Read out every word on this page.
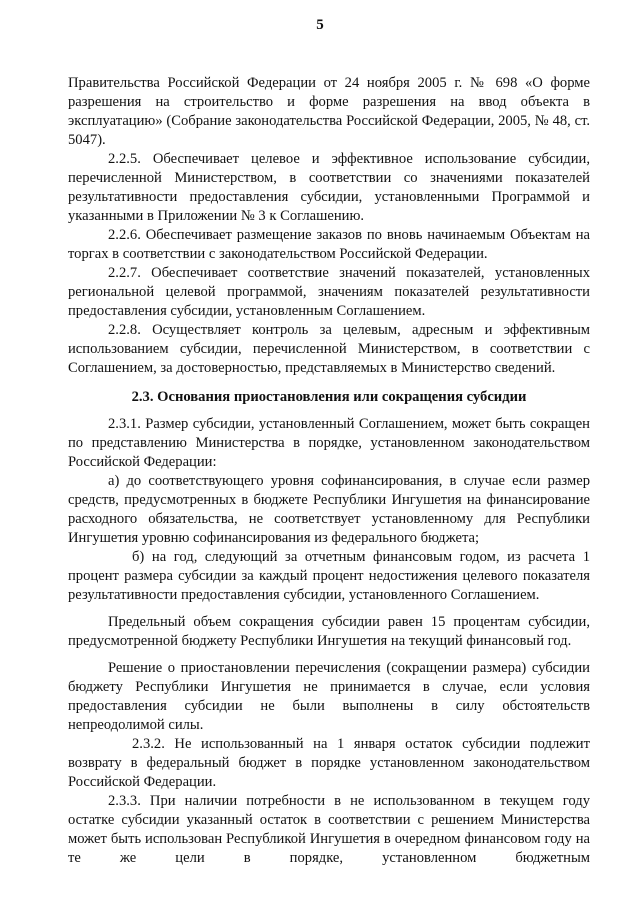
5

Правительства Российской Федерации от 24 ноября 2005 г. № 698 «О форме разрешения на строительство и форме разрешения на ввод объекта в эксплуатацию» (Собрание законодательства Российской Федерации, 2005, № 48, ст. 5047).

2.2.5. Обеспечивает целевое и эффективное использование субсидии, перечисленной Министерством, в соответствии со значениями показателей результативности предоставления субсидии, установленными Программой и указанными в Приложении № 3 к Соглашению.

2.2.6. Обеспечивает размещение заказов по вновь начинаемым Объектам на торгах в соответствии с законодательством Российской Федерации.

2.2.7. Обеспечивает соответствие значений показателей, установленных региональной целевой программой, значениям показателей результативности предоставления субсидии, установленным Соглашением.

2.2.8. Осуществляет контроль за целевым, адресным и эффективным использованием субсидии, перечисленной Министерством, в соответствии с Соглашением, за достоверностью, представляемых в Министерство сведений.

2.3. Основания приостановления или сокращения субсидии

2.3.1. Размер субсидии, установленный Соглашением, может быть сокращен по представлению Министерства в порядке, установленном законодательством Российской Федерации:

а) до соответствующего уровня софинансирования, в случае если размер средств, предусмотренных в бюджете Республики Ингушетия на финансирование расходного обязательства, не соответствует установленному для Республики Ингушетия уровню софинансирования из федерального бюджета;

б) на год, следующий за отчетным финансовым годом, из расчета 1 процент размера субсидии за каждый процент недостижения целевого показателя результативности предоставления субсидии, установленного Соглашением.

Предельный объем сокращения субсидии равен 15 процентам субсидии, предусмотренной бюджету Республики Ингушетия на текущий финансовый год.

Решение о приостановлении перечисления (сокращении размера) субсидии бюджету Республики Ингушетия не принимается в случае, если условия предоставления субсидии не были выполнены в силу обстоятельств непреодолимой силы.

2.3.2. Не использованный на 1 января остаток субсидии подлежит возврату в федеральный бюджет в порядке установленном законодательством Российской Федерации.

2.3.3. При наличии потребности в не использованном в текущем году остатке субсидии указанный остаток в соответствии с решением Министерства может быть использован Республикой Ингушетия в очередном финансовом году на те же цели в порядке, установленном бюджетным
